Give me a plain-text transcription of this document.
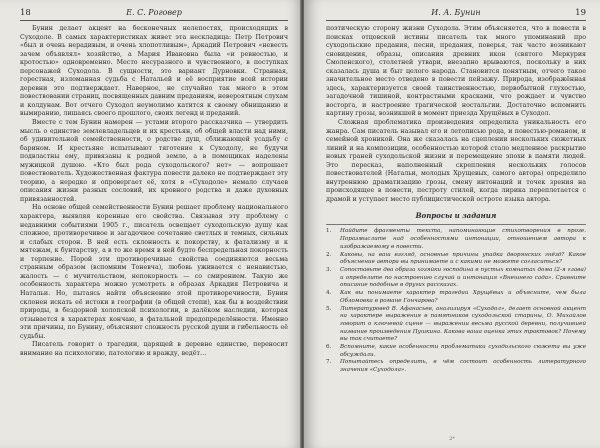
18	Е. С. Роговер

Бунин делает акцент на бесконечных нелепостях, происходящих в Суходоле. В самых характеристиках живет эта нескладица: Петр Петрович «был и очень нерадивым, и очень хлопотливым», Аркадий Петрович «невесть зачем объявлял» хозяйство, а Мария Ивановна была «и ревностью, и кротостью» одновременно. Место несуразного и чувственного, в поступках персонажей Суходола. В сущности, это вариант Дурновки. Странная, горестная, изломанная судьба с Натальей и её восприятие всей истории деревни это подтверждает. Наверное, не случайно так много в этом повествовании страниц, посвященных давним преданиям, невероятным слухам и колдунам. Вот отчего Суходол неумолимо катится к своему обнищанию и вымиранию, лишаясь своего прошлого, своих легенд и преданий.

Вместе с тем Бунин намерен — устами второго рассказчика — утвердить мысль о единстве землевладельцев и их крестьян, об общей власти над ними, об удивительной семейственности, о родстве душ, сближающей усадьбу с барином. И крестьяне испытывают тяготение к Суходолу, не будучи подвластны ему, привязаны к родной земле, а в помещиках наделены мужицкой душою. «Кто был рода суходольского? нет» — вопрошает повествователь. Художественная фактура повести далеко не подтверждает эту теорию, а нередко и опровергает её, хотя в «Суходоле» немало случаев описания жизни разных сословий, их кровного родства и даже духовных привязанностей.

На основе общей семейственности Бунин решает проблему национального характера, выявляя коренные его свойства. Связывая эту проблему с недавними событиями 1905 г., писатель освещает суходольскую душу как сложное, противоречивое и загадочное сочетание светлых и темных, сильных и слабых сторон. В ней есть склонность к покорству, к фатализму и к мятежам, к бунтарству, а в то же время в ней будто беспредельная покорность и терпение. Порой эти противоречивые свойства соединяются весьма странным образом (вспомним Тоневча), любовь уживается с ненавистью, жалость — с мучительством, непокорность — со смирением. Такую же особенность характера можно усмотреть в образах Аркадия Петровича и Натальи. Но, пытаясь найти объяснение этой противоречивости, Бунин склонен искать её истоки в географии (в общей степи), как бы в воздействии природы, в бездорной холопской психологии, в далёком наследии, которая отзывается в характерах кончаю, в фатальной предопределённости. Именно эти причины, по Бунину, объясняют сложность русской души и гибельность её судьбы.

Писатель говорит о трагедии, царящей в деревне единстве, переносит внимание на психологию, патологию и вражду, ведёт…

И. А. Бунин	19

поэтическую сторону жизни Суходола. Этим объясняется, что в повести в поисках отцовской истины писатель так много упоминаний про суходольские предания, песни, предания, поверья, так часто возникают сновидения, образы, описания древних икон (святого Меркурия Смоленского), столетней утвари, внезапно врываются, поскольку в них сказалась душа и быт целого народа. Становится понятным, отчего такое значительное место отведено в повести пейзажу. Природа, изображённая здесь, характеризуется своей таинственностью, первобытной глухостью, загадочной тишиной, контрастными красками, что рождает и чувство восторга, и настроение трагической ностальгии. Достаточно вспомнить картину грозы, возникшей в момент приезда Хрущёвых в Суходол.

Сложная проблематика произведения определила уникальность его жанра. Сам писатель называл его и летописью рода, и повестью-романом, и семейной хроникой. Она же сказалась на сцеплении нескольких сюжетных линий и на композиции, особенностью которой стало медленное раскрытие новых граней суходольской жизни и перемещение эпохи в памяти людей. Это пересказ, наполненный скрепления нескольких голосов повествователей (Натальи, молодых Хрущевых, самого автора) определило внутреннюю драматизацию грозы, смену интонаций и точек зрения на происходящее в повести, пестроту стилей, когда лирика переплетается с драмой и уступает место публицистической остроте языка автора.

Вопросы и задания
1.	Найдите фрагменты текста, напоминающие стихотворения в прозе. Поразмыслите над особенностями интонации, отношением автора к изображаемому в повести.
2.	Каковы, на ваш взгляд, основные причины упадка дворянских гнёзд? Какое объяснение автора вы принимаете и с какими не можете согласиться?
3.	Сопоставьте два образа хозяйки господина в пустых комнатах дома (2-я глава) и определите по настроению случай и интонация «Внешнего сада». Сравните описание подобные в других рассказах.
4.	Как вы понимаете характер трагедии Хрущёвых и объясните, чем была Обломовка в романе Гончарова?
5.	Литературовед В. Афанасьев, анализируя «Суходол», делает основной акцент на характере выражения в памятников суходольской старины, О. Михайлов говорит о ключевой сцене — выражении весьма русской деревни, получившей название произведения Пушкина. Какова ваша оценка этих трактовок? Почему вы так считаете?
6.	Вспомните, какие особенности проблематики суходольского сюжета вы уже обсуждали.
7.	Попытайтесь определить, в чём состоит особенность литературного значения «Суходола».
2*
